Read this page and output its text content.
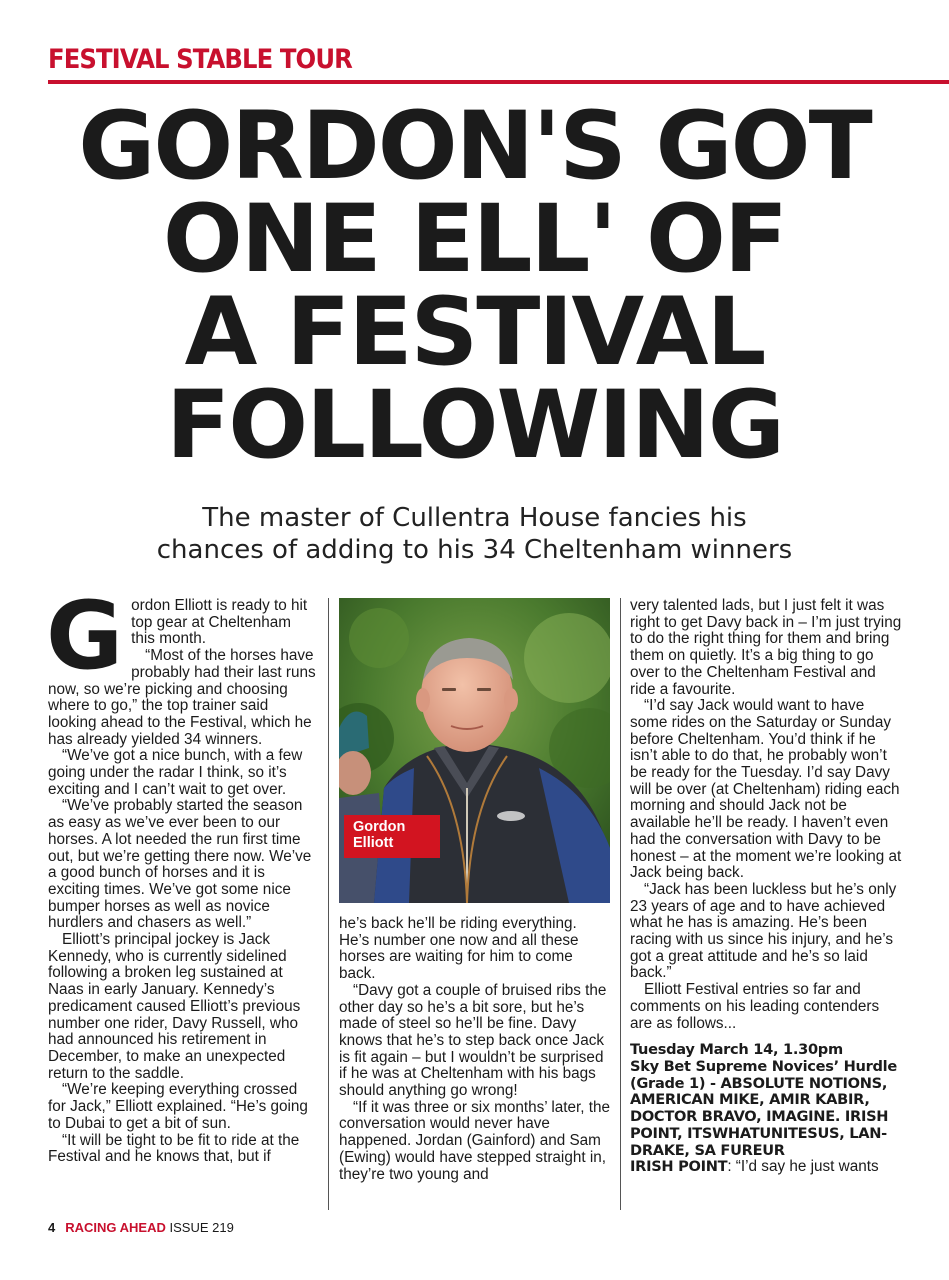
FESTIVAL STABLE TOUR
GORDON'S GOT
ONE ELL' OF
A FESTIVAL
FOLLOWING
The master of Cullentra House fancies his
chances of adding to his 34 Cheltenham winners

Gordon Elliott is ready to hit top gear at Cheltenham this month.

“Most of the horses have probably had their last runs now, so we’re picking and choosing where to go,” the top trainer said looking ahead to the Festival, which he has already yielded 34 winners.

“We’ve got a nice bunch, with a few going under the radar I think, so it’s exciting and I can’t wait to get over.

“We’ve probably started the season as easy as we’ve ever been to our horses. A lot needed the run first time out, but we’re getting there now. We’ve a good bunch of horses and it is exciting times. We’ve got some nice bumper horses as well as novice hurdlers and chasers as well.”

Elliott’s principal jockey is Jack Kennedy, who is currently sidelined following a broken leg sustained at Naas in early January. Kennedy’s predicament caused Elliott’s previous number one rider, Davy Russell, who had announced his retirement in December, to make an unexpected return to the saddle.

“We’re keeping everything crossed for Jack,” Elliott explained. “He’s going to Dubai to get a bit of sun.

“It will be tight to be fit to ride at the Festival and he knows that, but if

Gordon
Elliott

he’s back he’ll be riding everything. He’s number one now and all these horses are waiting for him to come back.

“Davy got a couple of bruised ribs the other day so he’s a bit sore, but he’s made of steel so he’ll be fine. Davy knows that he’s to step back once Jack is fit again – but I wouldn’t be surprised if he was at Cheltenham with his bags should anything go wrong!

“If it was three or six months’ later, the conversation would never have happened. Jordan (Gainford) and Sam (Ewing) would have stepped straight in, they’re two young and

very talented lads, but I just felt it was right to get Davy back in – I’m just trying to do the right thing for them and bring them on quietly. It’s a big thing to go over to the Cheltenham Festival and ride a favourite.

“I’d say Jack would want to have some rides on the Saturday or Sunday before Cheltenham. You’d think if he isn’t able to do that, he probably won’t be ready for the Tuesday. I’d say Davy will be over (at Cheltenham) riding each morning and should Jack not be available he’ll be ready. I haven’t even had the conversation with Davy to be honest – at the moment we’re looking at Jack being back.

“Jack has been luckless but he’s only 23 years of age and to have achieved what he has is amazing. He’s been racing with us since his injury, and he’s got a great attitude and he’s so laid back.”

Elliott Festival entries so far and comments on his leading contenders are as follows...

Tuesday March 14, 1.30pm
Sky Bet Supreme Novices’ Hurdle
(Grade 1) - ABSOLUTE NOTIONS,
AMERICAN MIKE, AMIR KABIR,
DOCTOR BRAVO, IMAGINE. IRISH
POINT, ITSWHATUNITESUS, LAN-
DRAKE, SA FUREUR

IRISH POINT: “I’d say he just wants

4 RACING AHEAD ISSUE 219
